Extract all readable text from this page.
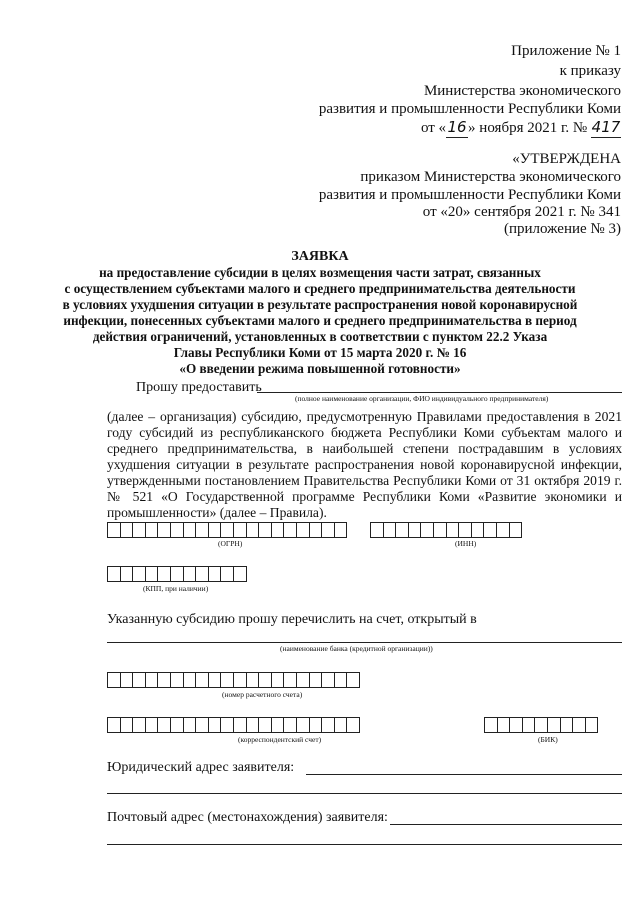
Приложение № 1
к приказу
Министерства экономического
развития и промышленности Республики Коми
от «16» ноября 2021 г. № 417
«УТВЕРЖДЕНА
приказом Министерства экономического
развития и промышленности Республики Коми
от «20» сентября 2021 г. № 341
(приложение № 3)
ЗАЯВКА
на предоставление субсидии в целях возмещения части затрат, связанных
с осуществлением субъектами малого и среднего предпринимательства деятельности
в условиях ухудшения ситуации в результате распространения новой коронавирусной
инфекции, понесенных субъектами малого и среднего предпринимательства в период
действия ограничений, установленных в соответствии с пунктом 22.2 Указа
Главы Республики Коми от 15 марта 2020 г. № 16
«О введении режима повышенной готовности»
Прошу предоставить
(полное наименование организации, ФИО индивидуального предпринимателя)
(далее – организация) субсидию, предусмотренную Правилами предоставления в 2021 году субсидий из республиканского бюджета Республики Коми субъектам малого и среднего предпринимательства, в наибольшей степени пострадавшим в условиях ухудшения ситуации в результате распространения новой коронавирусной инфекции, утвержденными постановлением Правительства Республики Коми от 31 октября 2019 г. № 521 «О Государственной программе Республики Коми «Развитие экономики и промышленности» (далее – Правила).
(ОГРН)	(ИНН)
(КПП, при наличии)
Указанную субсидию прошу перечислить на счет, открытый в
(наименование банка (кредитной организации))
(номер расчетного счета)
(корреспондентский счет)	(БИК)
Юридический адрес заявителя:
Почтовый адрес (местонахождения) заявителя:
